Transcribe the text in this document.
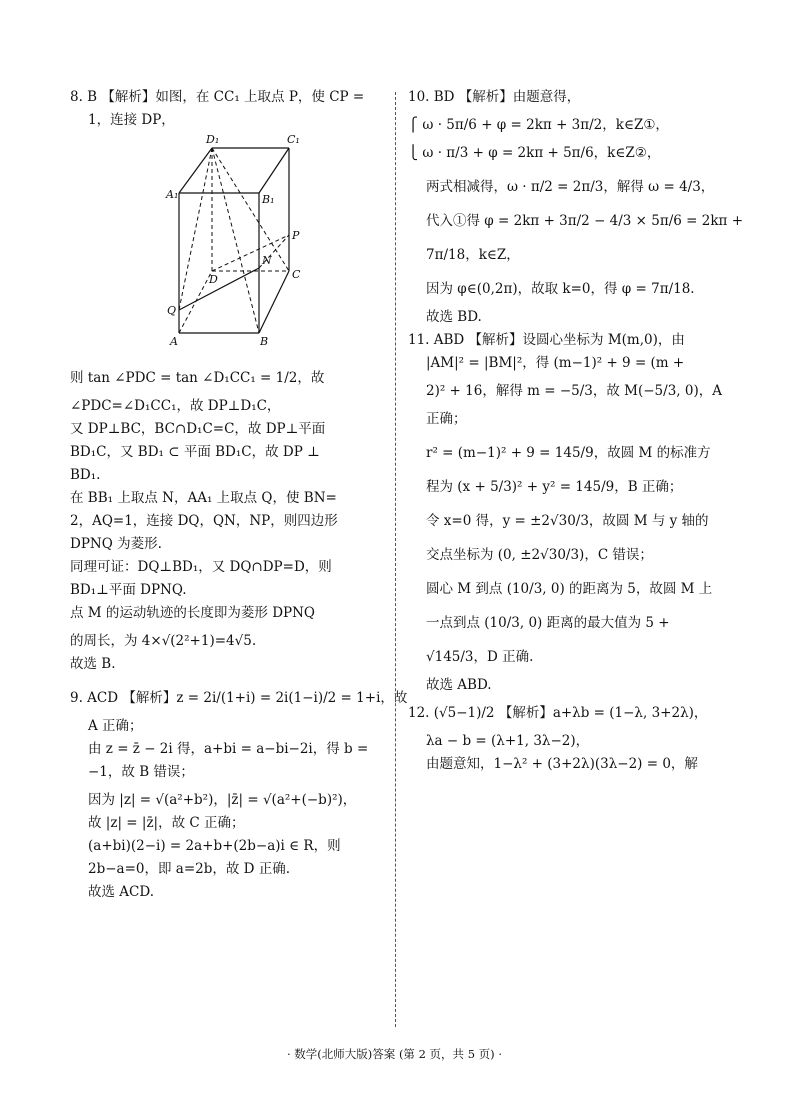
8. B 【解析】如图，在 CC₁ 上取点 P，使 CP =

1，连接 DP，

D₁	C₁
A₁	B₁
P
N
D	C
Q
A	B

则 tan ∠PDC = tan ∠D₁CC₁ = 1/2，故

∠PDC=∠D₁CC₁，故 DP⊥D₁C，

又 DP⊥BC，BC∩D₁C=C，故 DP⊥平面

BD₁C，又 BD₁ ⊂ 平面 BD₁C，故 DP ⊥

BD₁.

在 BB₁ 上取点 N，AA₁ 上取点 Q，使 BN=

2，AQ=1，连接 DQ，QN，NP，则四边形

DPNQ 为菱形.

同理可证：DQ⊥BD₁，又 DQ∩DP=D，则

BD₁⊥平面 DPNQ.

点 M 的运动轨迹的长度即为菱形 DPNQ

的周长，为 4×√(2²+1)=4√5.

故选 B.

9. ACD 【解析】z = 2i/(1+i) = 2i(1−i)/2 = 1+i，故

A 正确；

由 z = z̄ − 2i 得，a+bi = a−bi−2i，得 b =

−1，故 B 错误；

因为 |z| = √(a²+b²)，|z̄| = √(a²+(−b)²)，

故 |z| = |z̄|，故 C 正确；

(a+bi)(2−i) = 2a+b+(2b−a)i ∈ R，则

2b−a=0，即 a=2b，故 D 正确.

故选 ACD.

10. BD 【解析】由题意得，

⎧ ω · 5π/6 + φ = 2kπ + 3π/2，k∈Z①，

⎩ ω · π/3 + φ = 2kπ + 5π/6，k∈Z②，

两式相减得，ω · π/2 = 2π/3，解得 ω = 4/3，

代入①得 φ = 2kπ + 3π/2 − 4/3 × 5π/6 = 2kπ +

7π/18，k∈Z，

因为 φ∈(0,2π)，故取 k=0，得 φ = 7π/18.

故选 BD.

11. ABD 【解析】设圆心坐标为 M(m,0)，由

|AM|² = |BM|²，得 (m−1)² + 9 = (m +

2)² + 16，解得 m = −5/3，故 M(−5/3, 0)，A

正确；

r² = (m−1)² + 9 = 145/9，故圆 M 的标准方

程为 (x + 5/3)² + y² = 145/9，B 正确；

令 x=0 得，y = ±2√30/3，故圆 M 与 y 轴的

交点坐标为 (0, ±2√30/3)，C 错误；

圆心 M 到点 (10/3, 0) 的距离为 5，故圆 M 上

一点到点 (10/3, 0) 距离的最大值为 5 +

√145/3，D 正确.

故选 ABD.

12. (√5−1)/2 【解析】a+λb = (1−λ, 3+2λ)，

λa − b = (λ+1, 3λ−2)，

由题意知，1−λ² + (3+2λ)(3λ−2) = 0，解

· 数学(北师大版)答案 (第 2 页，共 5 页) ·
